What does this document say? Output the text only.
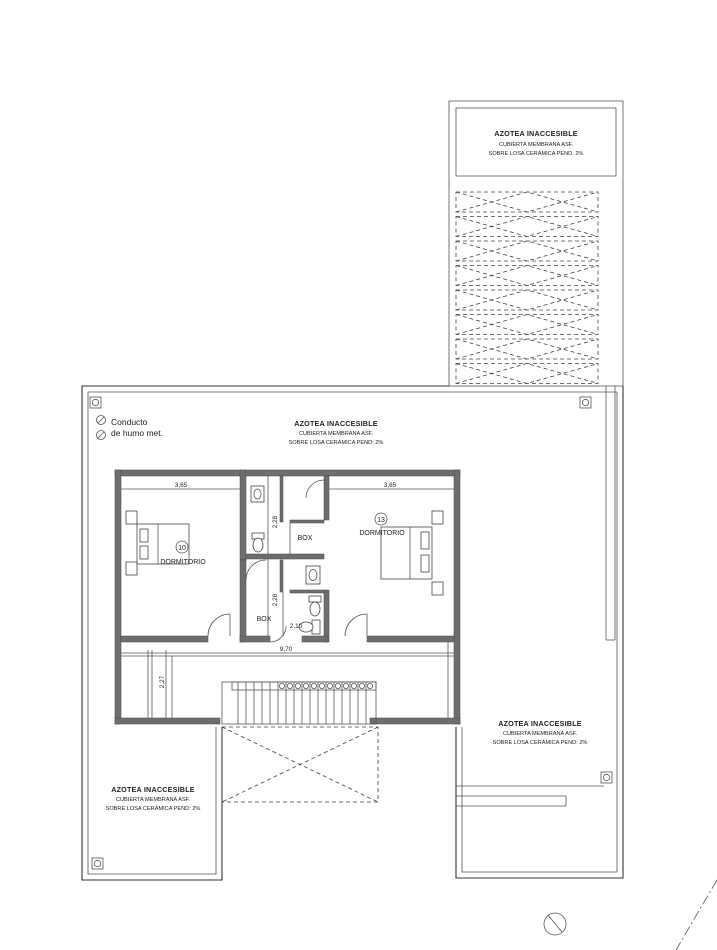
AZOTEA INACCESIBLE
CUBIERTA MEMBRANA ASF.
SOBRE LOSA CERÁMICA PEND. 2%
Conducto
de humo met.
AZOTEA INACCESIBLE
CUBIERTA MEMBRANA ASF.
SOBRE LOSA CERÁMICA PEND: 2%
10
DORMITORIO
13
DORMITORIO
BOX
BOX
3,65	3,65
2,28
2,28
2,10
9,70
2,27
AZOTEA INACCESIBLE
CUBIERTA MEMBRANA ASF.
SOBRE LOSA CERÁMICA PEND: 2%
AZOTEA INACCESIBLE
CUBIERTA MEMBRANA ASF.
SOBRE LOSA CERÁMICA PEND: 2%
